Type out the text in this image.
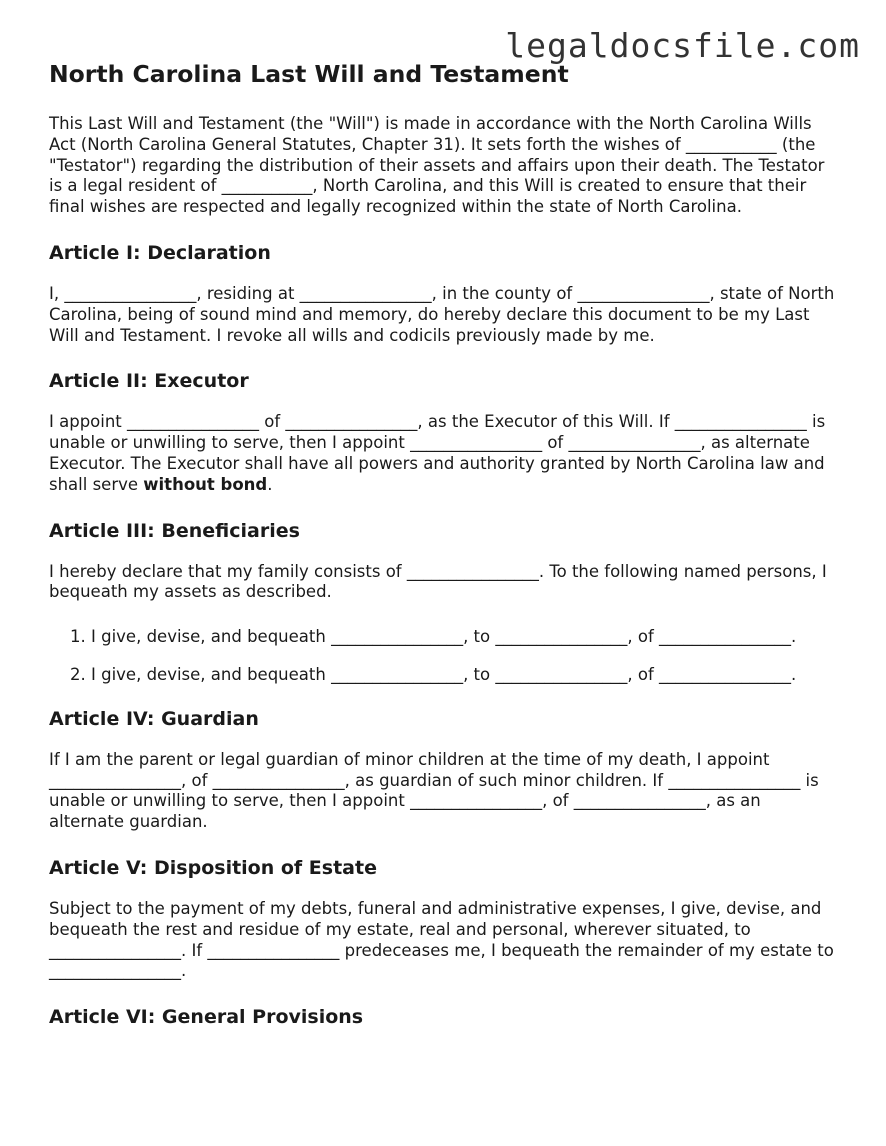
legaldocsfile.com
North Carolina Last Will and Testament

This Last Will and Testament (the "Will") is made in accordance with the North Carolina Wills Act (North Carolina General Statutes, Chapter 31). It sets forth the wishes of ___________ (the "Testator") regarding the distribution of their assets and affairs upon their death. The Testator is a legal resident of ___________, North Carolina, and this Will is created to ensure that their final wishes are respected and legally recognized within the state of North Carolina.

Article I: Declaration

I, ________________, residing at ________________, in the county of ________________, state of North Carolina, being of sound mind and memory, do hereby declare this document to be my Last Will and Testament. I revoke all wills and codicils previously made by me.

Article II: Executor

I appoint ________________ of ________________, as the Executor of this Will. If ________________ is unable or unwilling to serve, then I appoint ________________ of ________________, as alternate Executor. The Executor shall have all powers and authority granted by North Carolina law and shall serve without bond.

Article III: Beneficiaries

I hereby declare that my family consists of ________________. To the following named persons, I bequeath my assets as described.

1. I give, devise, and bequeath ________________, to ________________, of ________________.
2. I give, devise, and bequeath ________________, to ________________, of ________________.
Article IV: Guardian

If I am the parent or legal guardian of minor children at the time of my death, I appoint ________________, of ________________, as guardian of such minor children. If ________________ is unable or unwilling to serve, then I appoint ________________, of ________________, as an alternate guardian.

Article V: Disposition of Estate

Subject to the payment of my debts, funeral and administrative expenses, I give, devise, and bequeath the rest and residue of my estate, real and personal, wherever situated, to ________________. If ________________ predeceases me, I bequeath the remainder of my estate to ________________.

Article VI: General Provisions
